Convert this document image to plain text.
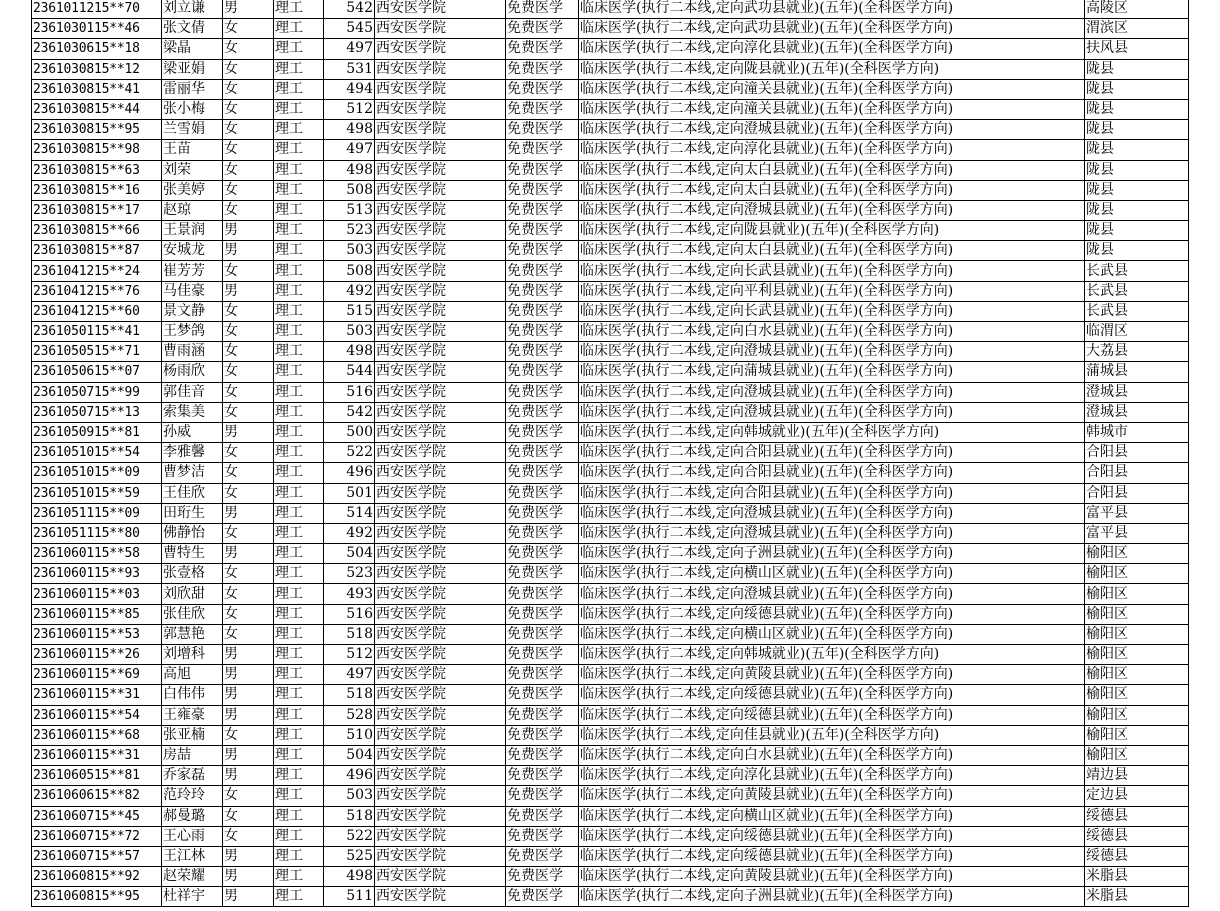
2361011215**70	刘立谦	男	理工	542	西安医学院	免费医学	临床医学(执行二本线,定向武功县就业)(五年)(全科医学方向)	高陵区
2361030115**46	张文倩	女	理工	545	西安医学院	免费医学	临床医学(执行二本线,定向武功县就业)(五年)(全科医学方向)	渭滨区
2361030615**18	梁晶	女	理工	497	西安医学院	免费医学	临床医学(执行二本线,定向淳化县就业)(五年)(全科医学方向)	扶风县
2361030815**12	梁亚娟	女	理工	531	西安医学院	免费医学	临床医学(执行二本线,定向陇县就业)(五年)(全科医学方向)	陇县
2361030815**41	雷丽华	女	理工	494	西安医学院	免费医学	临床医学(执行二本线,定向潼关县就业)(五年)(全科医学方向)	陇县
2361030815**44	张小梅	女	理工	512	西安医学院	免费医学	临床医学(执行二本线,定向潼关县就业)(五年)(全科医学方向)	陇县
2361030815**95	兰雪娟	女	理工	498	西安医学院	免费医学	临床医学(执行二本线,定向澄城县就业)(五年)(全科医学方向)	陇县
2361030815**98	王苗	女	理工	497	西安医学院	免费医学	临床医学(执行二本线,定向淳化县就业)(五年)(全科医学方向)	陇县
2361030815**63	刘荣	女	理工	498	西安医学院	免费医学	临床医学(执行二本线,定向太白县就业)(五年)(全科医学方向)	陇县
2361030815**16	张美婷	女	理工	508	西安医学院	免费医学	临床医学(执行二本线,定向太白县就业)(五年)(全科医学方向)	陇县
2361030815**17	赵琼	女	理工	513	西安医学院	免费医学	临床医学(执行二本线,定向澄城县就业)(五年)(全科医学方向)	陇县
2361030815**66	王景润	男	理工	523	西安医学院	免费医学	临床医学(执行二本线,定向陇县就业)(五年)(全科医学方向)	陇县
2361030815**87	安城龙	男	理工	503	西安医学院	免费医学	临床医学(执行二本线,定向太白县就业)(五年)(全科医学方向)	陇县
2361041215**24	崔芳芳	女	理工	508	西安医学院	免费医学	临床医学(执行二本线,定向长武县就业)(五年)(全科医学方向)	长武县
2361041215**76	马佳豪	男	理工	492	西安医学院	免费医学	临床医学(执行二本线,定向平利县就业)(五年)(全科医学方向)	长武县
2361041215**60	景文静	女	理工	515	西安医学院	免费医学	临床医学(执行二本线,定向长武县就业)(五年)(全科医学方向)	长武县
2361050115**41	王梦鸽	女	理工	503	西安医学院	免费医学	临床医学(执行二本线,定向白水县就业)(五年)(全科医学方向)	临渭区
2361050515**71	曹雨涵	女	理工	498	西安医学院	免费医学	临床医学(执行二本线,定向澄城县就业)(五年)(全科医学方向)	大荔县
2361050615**07	杨雨欣	女	理工	544	西安医学院	免费医学	临床医学(执行二本线,定向蒲城县就业)(五年)(全科医学方向)	蒲城县
2361050715**99	郭佳音	女	理工	516	西安医学院	免费医学	临床医学(执行二本线,定向澄城县就业)(五年)(全科医学方向)	澄城县
2361050715**13	索集美	女	理工	542	西安医学院	免费医学	临床医学(执行二本线,定向澄城县就业)(五年)(全科医学方向)	澄城县
2361050915**81	孙威	男	理工	500	西安医学院	免费医学	临床医学(执行二本线,定向韩城就业)(五年)(全科医学方向)	韩城市
2361051015**54	李雅馨	女	理工	522	西安医学院	免费医学	临床医学(执行二本线,定向合阳县就业)(五年)(全科医学方向)	合阳县
2361051015**09	曹梦洁	女	理工	496	西安医学院	免费医学	临床医学(执行二本线,定向合阳县就业)(五年)(全科医学方向)	合阳县
2361051015**59	王佳欣	女	理工	501	西安医学院	免费医学	临床医学(执行二本线,定向合阳县就业)(五年)(全科医学方向)	合阳县
2361051115**09	田珩生	男	理工	514	西安医学院	免费医学	临床医学(执行二本线,定向澄城县就业)(五年)(全科医学方向)	富平县
2361051115**80	佛静怡	女	理工	492	西安医学院	免费医学	临床医学(执行二本线,定向澄城县就业)(五年)(全科医学方向)	富平县
2361060115**58	曹特生	男	理工	504	西安医学院	免费医学	临床医学(执行二本线,定向子洲县就业)(五年)(全科医学方向)	榆阳区
2361060115**93	张壹格	女	理工	523	西安医学院	免费医学	临床医学(执行二本线,定向横山区就业)(五年)(全科医学方向)	榆阳区
2361060115**03	刘欣甜	女	理工	493	西安医学院	免费医学	临床医学(执行二本线,定向澄城县就业)(五年)(全科医学方向)	榆阳区
2361060115**85	张佳欣	女	理工	516	西安医学院	免费医学	临床医学(执行二本线,定向绥德县就业)(五年)(全科医学方向)	榆阳区
2361060115**53	郭慧艳	女	理工	518	西安医学院	免费医学	临床医学(执行二本线,定向横山区就业)(五年)(全科医学方向)	榆阳区
2361060115**26	刘增科	男	理工	512	西安医学院	免费医学	临床医学(执行二本线,定向韩城就业)(五年)(全科医学方向)	榆阳区
2361060115**69	高旭	男	理工	497	西安医学院	免费医学	临床医学(执行二本线,定向黄陵县就业)(五年)(全科医学方向)	榆阳区
2361060115**31	白伟伟	男	理工	518	西安医学院	免费医学	临床医学(执行二本线,定向绥德县就业)(五年)(全科医学方向)	榆阳区
2361060115**54	王雍豪	男	理工	528	西安医学院	免费医学	临床医学(执行二本线,定向绥德县就业)(五年)(全科医学方向)	榆阳区
2361060115**68	张亚楠	女	理工	510	西安医学院	免费医学	临床医学(执行二本线,定向佳县就业)(五年)(全科医学方向)	榆阳区
2361060115**31	房喆	男	理工	504	西安医学院	免费医学	临床医学(执行二本线,定向白水县就业)(五年)(全科医学方向)	榆阳区
2361060515**81	乔家磊	男	理工	496	西安医学院	免费医学	临床医学(执行二本线,定向淳化县就业)(五年)(全科医学方向)	靖边县
2361060615**82	范玲玲	女	理工	503	西安医学院	免费医学	临床医学(执行二本线,定向黄陵县就业)(五年)(全科医学方向)	定边县
2361060715**45	郝曼璐	女	理工	518	西安医学院	免费医学	临床医学(执行二本线,定向横山区就业)(五年)(全科医学方向)	绥德县
2361060715**72	王心雨	女	理工	522	西安医学院	免费医学	临床医学(执行二本线,定向绥德县就业)(五年)(全科医学方向)	绥德县
2361060715**57	王江林	男	理工	525	西安医学院	免费医学	临床医学(执行二本线,定向绥德县就业)(五年)(全科医学方向)	绥德县
2361060815**92	赵荣耀	男	理工	498	西安医学院	免费医学	临床医学(执行二本线,定向黄陵县就业)(五年)(全科医学方向)	米脂县
2361060815**95	杜祥宇	男	理工	511	西安医学院	免费医学	临床医学(执行二本线,定向子洲县就业)(五年)(全科医学方向)	米脂县
